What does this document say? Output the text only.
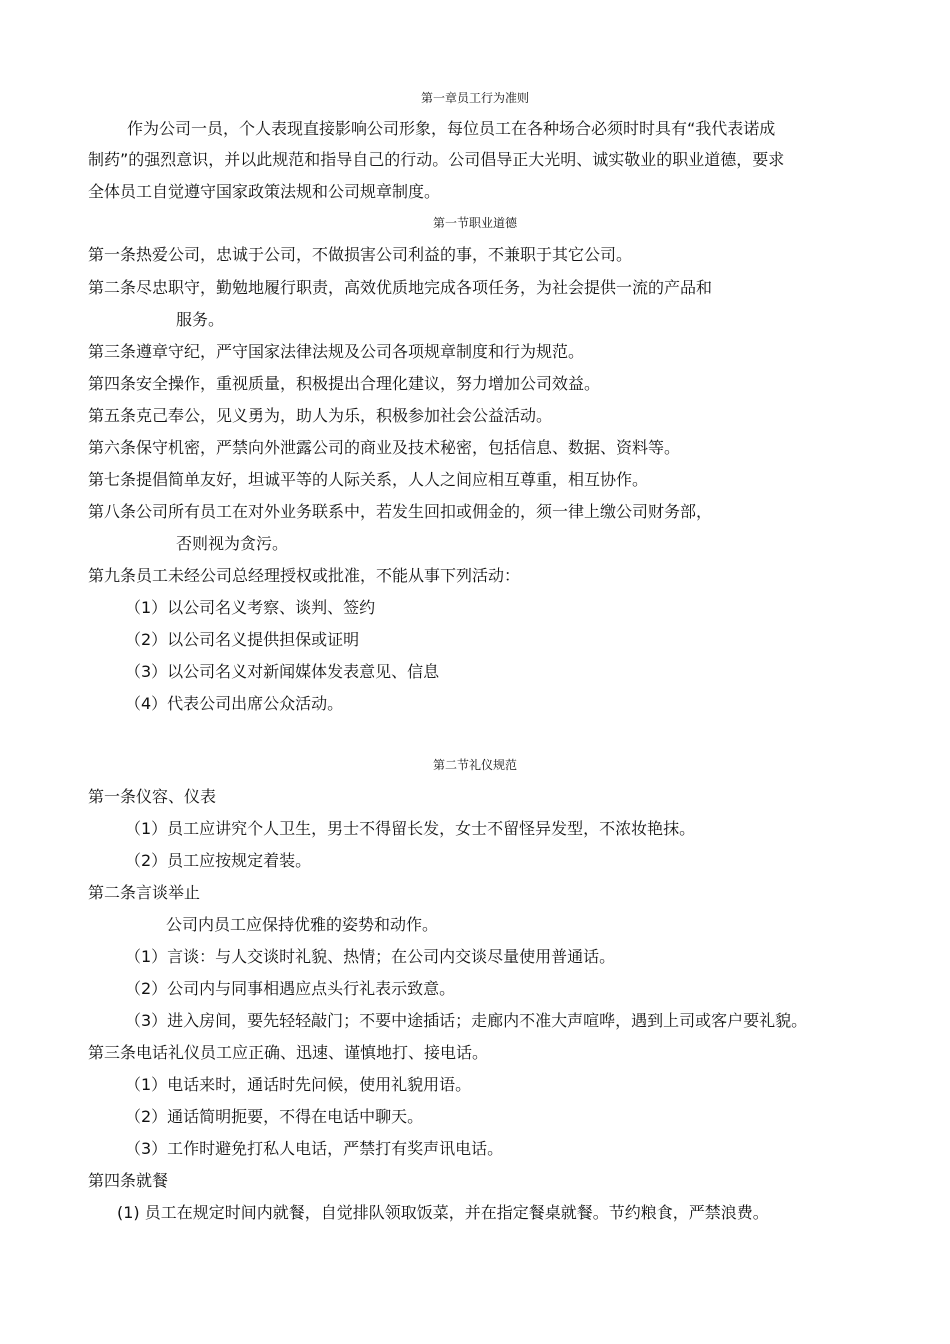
第一章员工行为准则
作为公司一员，个人表现直接影响公司形象，每位员工在各种场合必须时时具有“我代表诺成
制药”的强烈意识，并以此规范和指导自己的行动。公司倡导正大光明、诚实敬业的职业道德，要求
全体员工自觉遵守国家政策法规和公司规章制度。
第一节职业道德
第一条热爱公司，忠诚于公司，不做损害公司利益的事，不兼职于其它公司。
第二条尽忠职守，勤勉地履行职责，高效优质地完成各项任务，为社会提供一流的产品和
服务。
第三条遵章守纪，严守国家法律法规及公司各项规章制度和行为规范。
第四条安全操作，重视质量，积极提出合理化建议，努力增加公司效益。
第五条克己奉公，见义勇为，助人为乐，积极参加社会公益活动。
第六条保守机密，严禁向外泄露公司的商业及技术秘密，包括信息、数据、资料等。
第七条提倡简单友好，坦诚平等的人际关系，人人之间应相互尊重，相互协作。
第八条公司所有员工在对外业务联系中，若发生回扣或佣金的，须一律上缴公司财务部，
否则视为贪污。
第九条员工未经公司总经理授权或批准，不能从事下列活动：
（1）以公司名义考察、谈判、签约
（2）以公司名义提供担保或证明
（3）以公司名义对新闻媒体发表意见、信息
（4）代表公司出席公众活动。
第二节礼仪规范
第一条仪容、仪表
（1）员工应讲究个人卫生，男士不得留长发，女士不留怪异发型，不浓妆艳抹。
（2）员工应按规定着装。
第二条言谈举止
公司内员工应保持优雅的姿势和动作。
（1）言谈：与人交谈时礼貌、热情；在公司内交谈尽量使用普通话。
（2）公司内与同事相遇应点头行礼表示致意。
（3）进入房间，要先轻轻敲门；不要中途插话；走廊内不准大声喧哗，遇到上司或客户要礼貌。
第三条电话礼仪员工应正确、迅速、谨慎地打、接电话。
（1）电话来时，通话时先问候，使用礼貌用语。
（2）通话简明扼要，不得在电话中聊天。
（3）工作时避免打私人电话，严禁打有奖声讯电话。
第四条就餐
(1) 员工在规定时间内就餐，自觉排队领取饭菜，并在指定餐桌就餐。节约粮食，严禁浪费。
